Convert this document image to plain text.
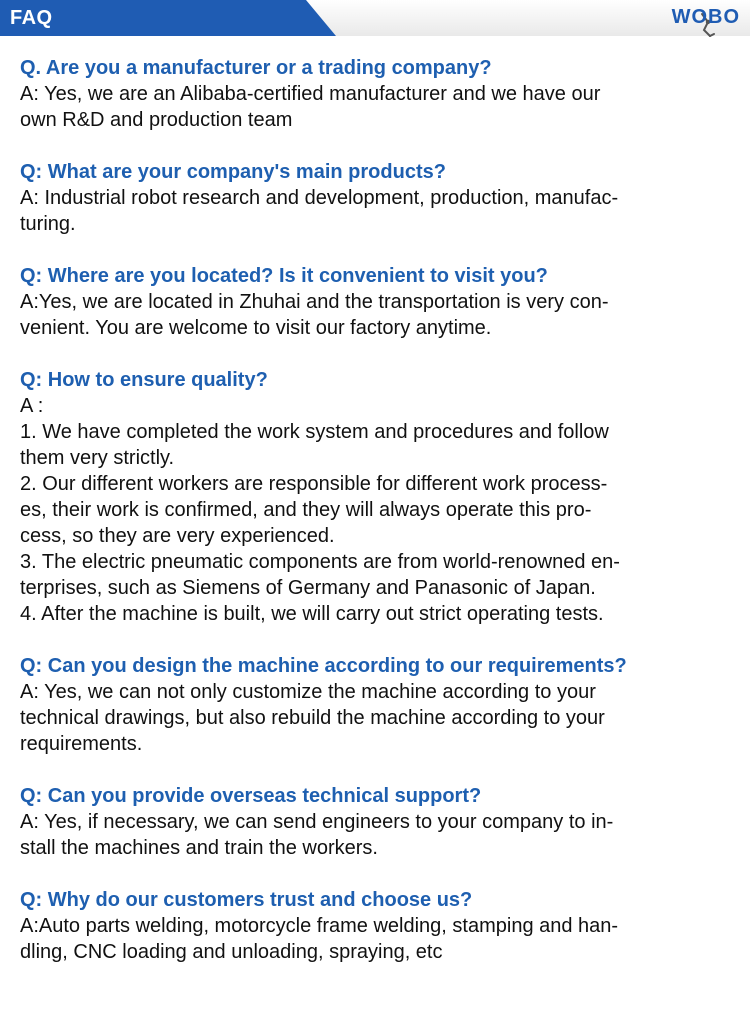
FAQ	WOBO
Q. Are you a manufacturer or a trading company?
A: Yes, we are an Alibaba-certified manufacturer and we have our
own R&D and production team
Q: What are your company's main products?
A: Industrial robot research and development, production, manufac-
turing.
Q: Where are you located? Is it convenient to visit you?
A:Yes, we are located in Zhuhai and the transportation is very con-
venient. You are welcome to visit our factory anytime.
Q: How to ensure quality?
A :
1. We have completed the work system and procedures and follow
them very strictly.
2. Our different workers are responsible for different work process-
es, their work is confirmed, and they will always operate this pro-
cess, so they are very experienced.
3. The electric pneumatic components are from world-renowned en-
terprises, such as Siemens of Germany and Panasonic of Japan.
4. After the machine is built, we will carry out strict operating tests.
Q: Can you design the machine according to our requirements?
A: Yes, we can not only customize the machine according to your
technical drawings, but also rebuild the machine according to your
requirements.
Q: Can you provide overseas technical support?
A: Yes, if necessary, we can send engineers to your company to in-
stall the machines and train the workers.
Q: Why do our customers trust and choose us?
A:Auto parts welding, motorcycle frame welding, stamping and han-
dling, CNC loading and unloading, spraying, etc
